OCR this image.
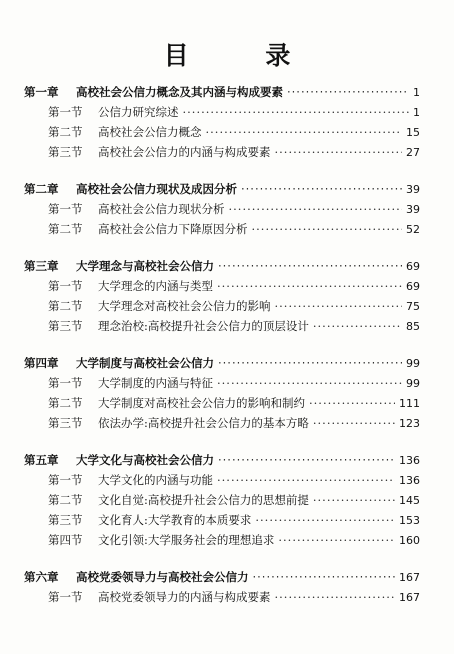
目 录
第一章	高校社会公信力概念及其内涵与构成要素 ·····	1
第一节	公信力研究综述 ·····	1
第二节	高校社会公信力概念 ·····	15
第三节	高校社会公信力的内涵与构成要素 ·····	27
第二章	高校社会公信力现状及成因分析 ·····	39
第一节	高校社会公信力现状分析 ·····	39
第二节	高校社会公信力下降原因分析 ·····	52
第三章	大学理念与高校社会公信力 ·····	69
第一节	大学理念的内涵与类型 ·····	69
第二节	大学理念对高校社会公信力的影响 ·····	75
第三节	理念治校:高校提升社会公信力的顶层设计 ·····	85
第四章	大学制度与高校社会公信力 ·····	99
第一节	大学制度的内涵与特征 ·····	99
第二节	大学制度对高校社会公信力的影响和制约 ·····	111
第三节	依法办学:高校提升社会公信力的基本方略 ·····	123
第五章	大学文化与高校社会公信力 ·····	136
第一节	大学文化的内涵与功能 ·····	136
第二节	文化自觉:高校提升社会公信力的思想前提 ·····	145
第三节	文化育人:大学教育的本质要求 ·····	153
第四节	文化引领:大学服务社会的理想追求 ·····	160
第六章	高校党委领导力与高校社会公信力 ·····	167
第一节	高校党委领导力的内涵与构成要素 ·····	167
